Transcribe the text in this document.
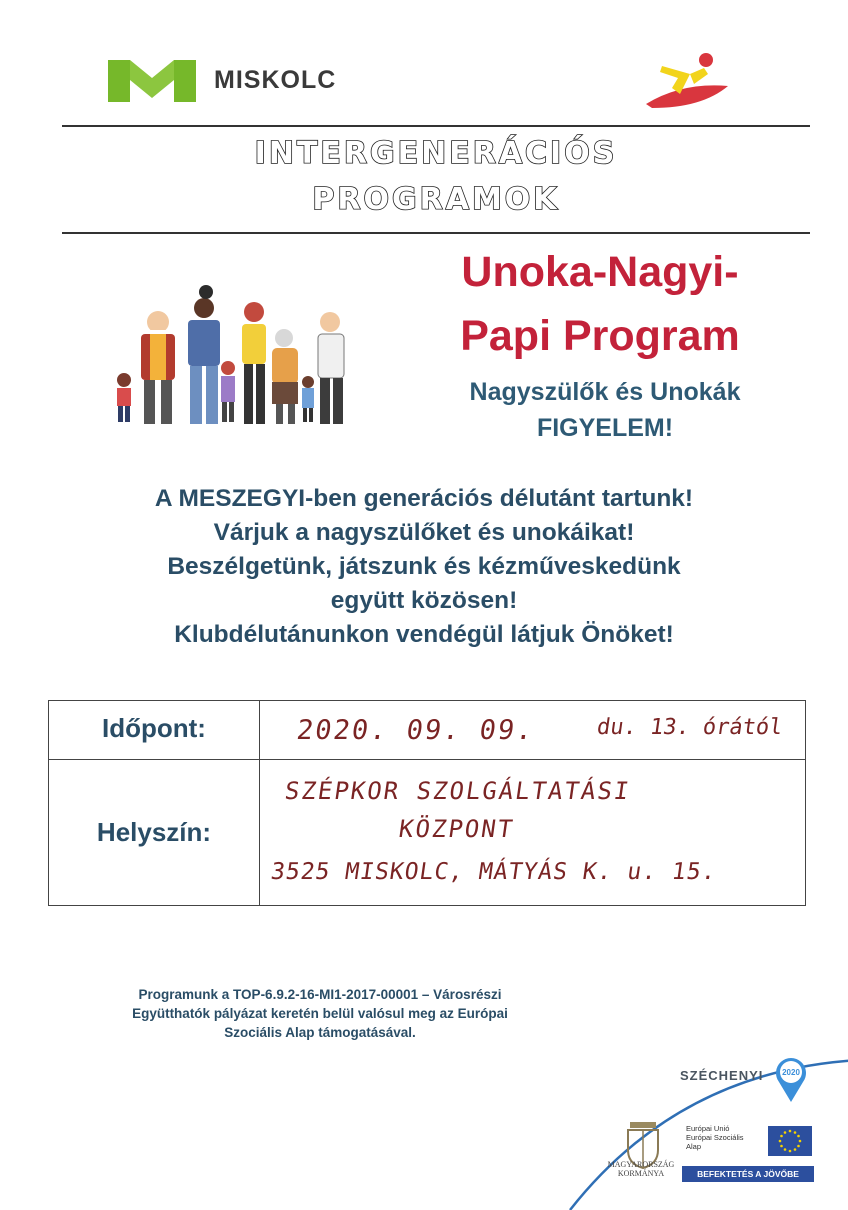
MISKOLC
INTERGENERÁCIÓS
PROGRAMOK
Unoka-Nagyi-
Papi Program
Nagyszülők és Unokák
FIGYELEM!
A MESZEGYI-ben generációs délutánt tartunk!
Várjuk a nagyszülőket és unokáikat!
Beszélgetünk, játszunk és kézműveskedünk
együtt közösen!
Klubdélutánunkon vendégül látjuk Önöket!
Időpont:	2020. 09. 09.	du. 13. órától
Helyszín:
SZÉPKOR SZOLGÁLTATÁSI
KÖZPONT
3525 MISKOLC, MÁTYÁS K. u. 15.
Programunk a TOP-6.9.2-16-MI1-2017-00001 – Városrészi
Együtthatók pályázat keretén belül valósul meg az Európai
Szociális Alap támogatásával.
SZÉCHENYI 2020
MAGYARORSZÁG
KORMÁNYA
Európai Unió
Európai Szociális
Alap
BEFEKTETÉS A JÖVŐBE
